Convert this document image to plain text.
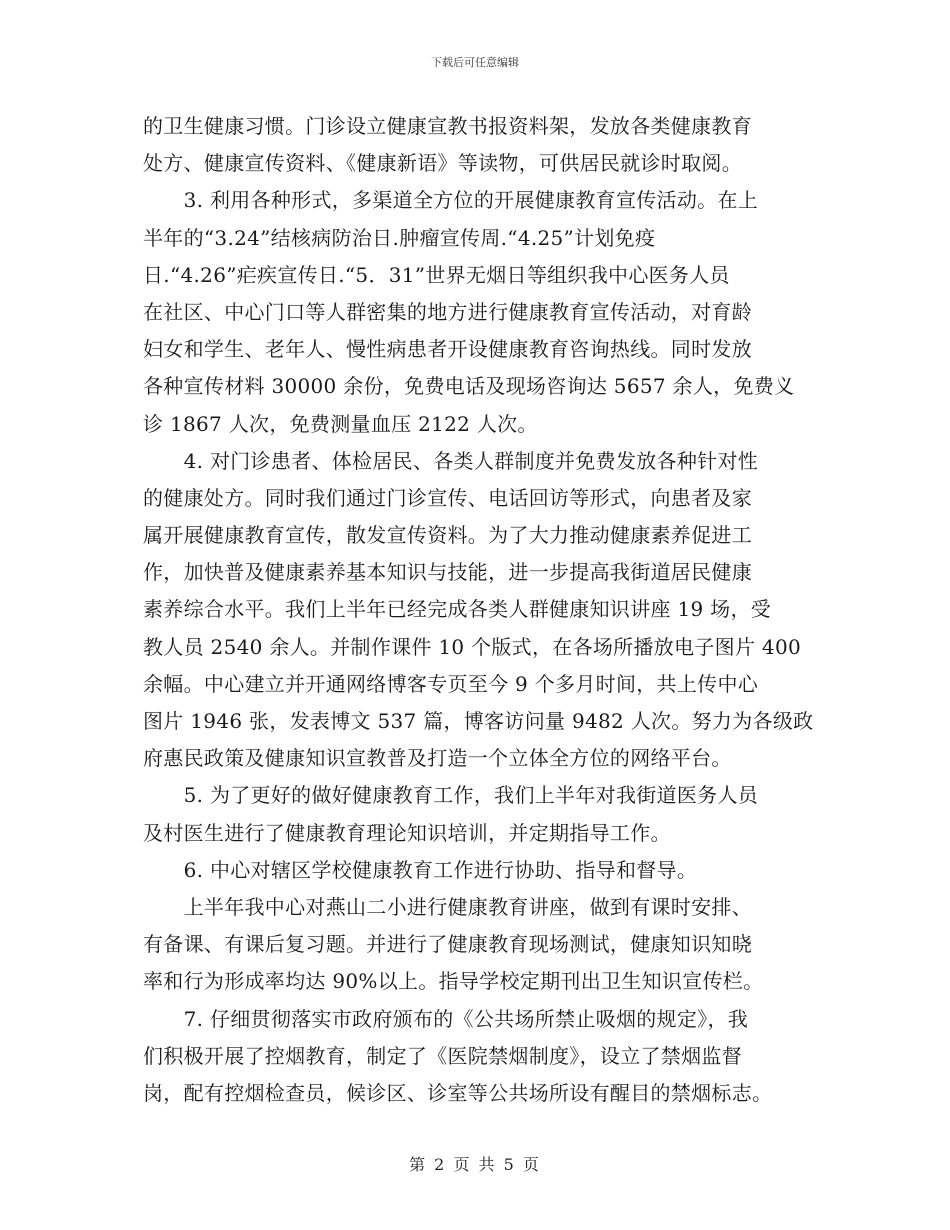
下载后可任意编辑
的卫生健康习惯。门诊设立健康宣教书报资料架，发放各类健康教育
处方、健康宣传资料、《健康新语》等读物，可供居民就诊时取阅。
　　3. 利用各种形式，多渠道全方位的开展健康教育宣传活动。在上
半年的“3.24”结核病防治日.肿瘤宣传周.“4.25”计划免疫
日.“4.26”疟疾宣传日.“5．31”世界无烟日等组织我中心医务人员
在社区、中心门口等人群密集的地方进行健康教育宣传活动，对育龄
妇女和学生、老年人、慢性病患者开设健康教育咨询热线。同时发放
各种宣传材料 30000 余份，免费电话及现场咨询达 5657 余人，免费义
诊 1867 人次，免费测量血压 2122 人次。
　　4. 对门诊患者、体检居民、各类人群制度并免费发放各种针对性
的健康处方。同时我们通过门诊宣传、电话回访等形式，向患者及家
属开展健康教育宣传，散发宣传资料。为了大力推动健康素养促进工
作，加快普及健康素养基本知识与技能，进一步提高我街道居民健康
素养综合水平。我们上半年已经完成各类人群健康知识讲座 19 场，受
教人员 2540 余人。并制作课件 10 个版式，在各场所播放电子图片 400
余幅。中心建立并开通网络博客专页至今 9 个多月时间，共上传中心
图片 1946 张，发表博文 537 篇，博客访问量 9482 人次。努力为各级政
府惠民政策及健康知识宣教普及打造一个立体全方位的网络平台。
　　5. 为了更好的做好健康教育工作，我们上半年对我街道医务人员
及村医生进行了健康教育理论知识培训，并定期指导工作。
　　6. 中心对辖区学校健康教育工作进行协助、指导和督导。
　　上半年我中心对燕山二小进行健康教育讲座，做到有课时安排、
有备课、有课后复习题。并进行了健康教育现场测试，健康知识知晓
率和行为形成率均达 90%以上。指导学校定期刊出卫生知识宣传栏。
　　7. 仔细贯彻落实市政府颁布的《公共场所禁止吸烟的规定》，我
们积极开展了控烟教育，制定了《医院禁烟制度》，设立了禁烟监督
岗，配有控烟检查员，候诊区、诊室等公共场所设有醒目的禁烟标志。
第 2 页 共 5 页
